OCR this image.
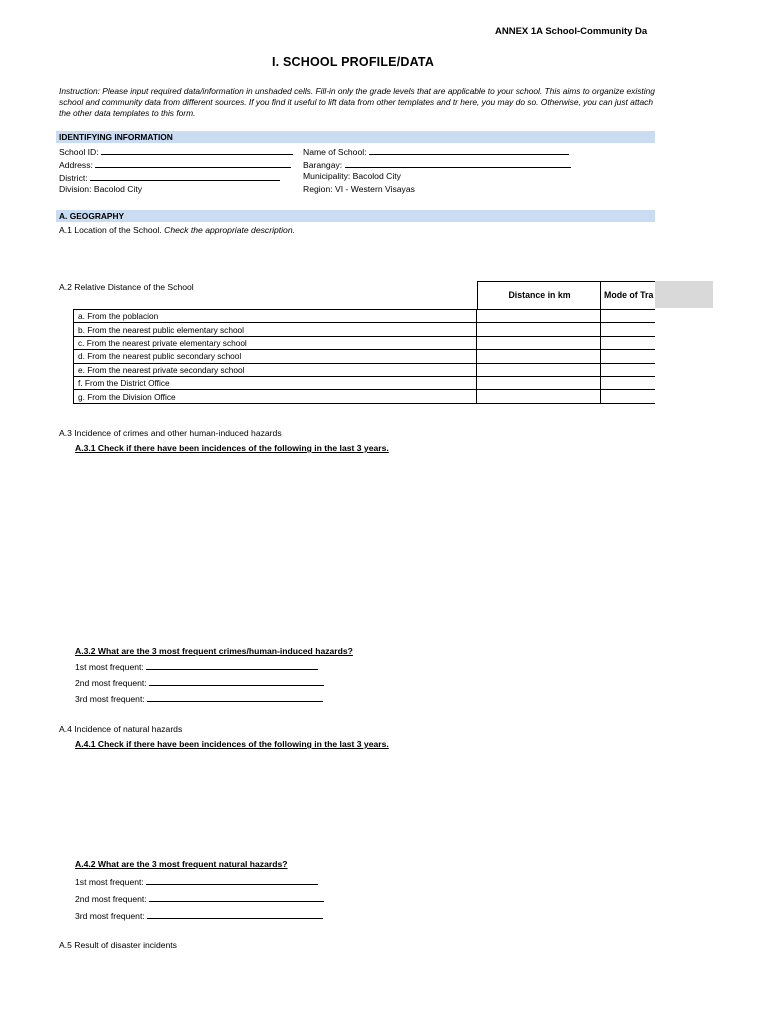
ANNEX 1A School-Community Da
I. SCHOOL PROFILE/DATA
Instruction: Please input required data/information in unshaded cells. Fill-in only the grade levels that are applicable to your school. This aims to organize existing school and community data from different sources. If you find it useful to lift data from other templates and tr here, you may do so. Otherwise, you can just attach the other data templates to this form.
IDENTIFYING INFORMATION
School ID:
Address:
District:
Division: Bacolod City
Name of School:
Barangay:
Municipality: Bacolod City
Region: VI - Western Visayas
A. GEOGRAPHY
A.1 Location of the School. Check the appropriate description.
A.2 Relative Distance of the School
Distance in km	Mode of Tra
a. From the poblacion		
b. From the nearest public elementary school		
c. From the nearest private elementary school		
d. From the nearest public secondary school		
e. From the nearest private secondary school		
f. From the District Office		
g. From the Division Office		
A.3 Incidence of crimes and other human-induced hazards
A.3.1 Check if there have been incidences of the following in the last 3 years.
A.3.2 What are the 3 most frequent crimes/human-induced hazards?
1st most frequent:
2nd most frequent:
3rd most frequent:
A.4 Incidence of natural hazards
A.4.1 Check if there have been incidences of the following in the last 3 years.
A.4.2 What are the 3 most frequent natural hazards?
1st most frequent:
2nd most frequent:
3rd most frequent:
A.5 Result of disaster incidents
